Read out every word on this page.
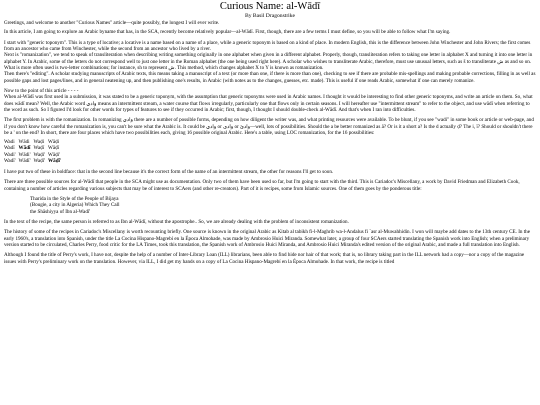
Curious Name: al-Wādī
By Basil Dragonstrike

Greetings, and welcome to another "Curious Names" article—quite possibly, the longest I will ever write.

In this article, I am going to explore an Arabic byname that has, in the SCA, recently become relatively popular—al-Wādī. First, though, there are a few terms I must define, so you will be able to follow what I'm saying.

I start with "generic toponym". This is a type of locative; a locative is a name based on a name of a place, while a generic toponym is based on a kind of place. In modern English, this is the difference between John Winchester and John Rivers; the first comes from an ancestor who came from Winchester, while the second from an ancestor who lived by a river.

Next is "romanization", we tend to speak of transliteration when describing writing something originally in one alphabet when given in a different alphabet. Properly, though, transliteration refers to taking one letter in alphabet X and turning it into one letter in alphabet Y. In Arabic, some of the letters do not correspond well to just one letter in the Roman alphabet (the one being used right here). A scholar who wishes to transliterate Arabic, therefore, must use unusual letters, such as š to transliterate ش as and so on. What is more often used is two-letter combinations; for instance, sh to represent ش. This method, which changes alphabet X to Y is known as romanization.

Then there's "editing". A scholar studying manuscripts of Arabic texts, this means taking a manuscript of a text (or more than one, if there is more than one), checking to see if there are probable mis-spellings and making probable corrections, filling in as well as possible gaps and lost pages/lines, and in general neatening up, and then publishing one's results, in Arabic (with notes as to the changes, guesses, etc. made). This is useful if one reads Arabic, somewhat if one can merely romanize.

Now to the point of this article - - - -

When al-Wādī was first used in a submission, it was stated to be a generic toponym, with the assumption that generic toponyms were used in Arabic names. I thought it would be interesting to find other generic toponyms, and write an article on them. So, what does wādī mean? Well, the Arabic word وادي means an intermittent stream, a water course that flows irregularly, particularly one that flows only in certain seasons. I will hereafter use "intermittent stream" to refer to the object, and use wādī when referring to the word as such. So I figured I'd look for other words for types of features to see if they occurred in Arabic; first, though, I thought I should double-check al-Wādī. And that's when I ran into difficulties.

The first problem is with the romanization. In romanizing وادي there are a number of possible forms, depending on how diligent the writer was, and what printing resources were available. To be blunt, if you see "wadi" in some book or article or web-page, and if you don't know how careful the romanization is, you can't be sure what the Arabic is. It could be وادي or وادی or وادئ—well, lots of possibilities. Should the a be better romanized as ā? Or is it a short a? Is the d actually ḍ? The i, ī? Should or shouldn't there be a ' on the end? In short, there are four places which have two possibilities each, giving 16 possible original Arabic. Here's a table, using LOC romanization, for the 16 possibilities:

Wadi	Wādi	Waḍi	Wāḍi
Wadī	Wādī	Waḍī	Wāḍī
Wadi'	Wādi'	Waḍi'	Wāḍi'
Wadī'	Wādī'	Waḍī'	Wāḍī'

I have put two of these in boldface: that in the second line because it's the correct form of the name of an intermittent stream, the other for reasons I'll get to soon.

There are three possible sources for al-Wādī that people in the SCA might use as documentation. Only two of them have been used so far, but I'm going to start with the third. This is Cariadoc's Miscellany, a work by David Friedman and Elizabeth Cook, containing a number of articles regarding various subjects that may be of interest to SCAers (and other re-creators). Part of it is recipes, some from Islamic sources. One of them goes by the ponderous title:

Tharida in the Style of the People of Bijaya
(Bougie, a city in Algeria) Which They Call
the Shāshiyya of Ibn al-Wadī'

In the text of the recipe, the same person is referred to as Ibn al-Wādī, without the apostrophe.. So, we are already dealing with the problem of inconsistent romanization.

The history of some of the recipes in Cariadoc's Miscellany is worth recounting briefly. One source is known in the original Arabic as Kitab al tabikh fi-l-Maghrib wa-l-Andalus fi `asr al-Muwahhidin. I won will maybe add dates to the 13th century CE. In the early 1960's, a translation into Spanish, under the title La Cocina Hispano-Magrebí en la Época Almohade, was made by Ambrosio Huici Miranda. Somewhat later, a group of four SCAers started translating the Spanish work into English; when a preliminary version started to be circulated, Charles Perry, food critic for the LA Times, took this translation, the Spanish work of Ambrosio Huici Miranda, and Ambrosio Huici Miranda's edited version of the original Arabic, and made a full translation into English.

Although I found the title of Perry's work, I have not, despite the help of a number of Inter-Library Loan (ILL) librarians, been able to find hide nor hair of that work; that is, no library taking part in the ILL network had a copy—nor a copy of the magazine issues with Perry's preliminary work on the translation. However, via ILL, I did get my hands on a copy of La Cocina Hispano-Magrebí en la Época Almohade. In that work, the recipe is titled
